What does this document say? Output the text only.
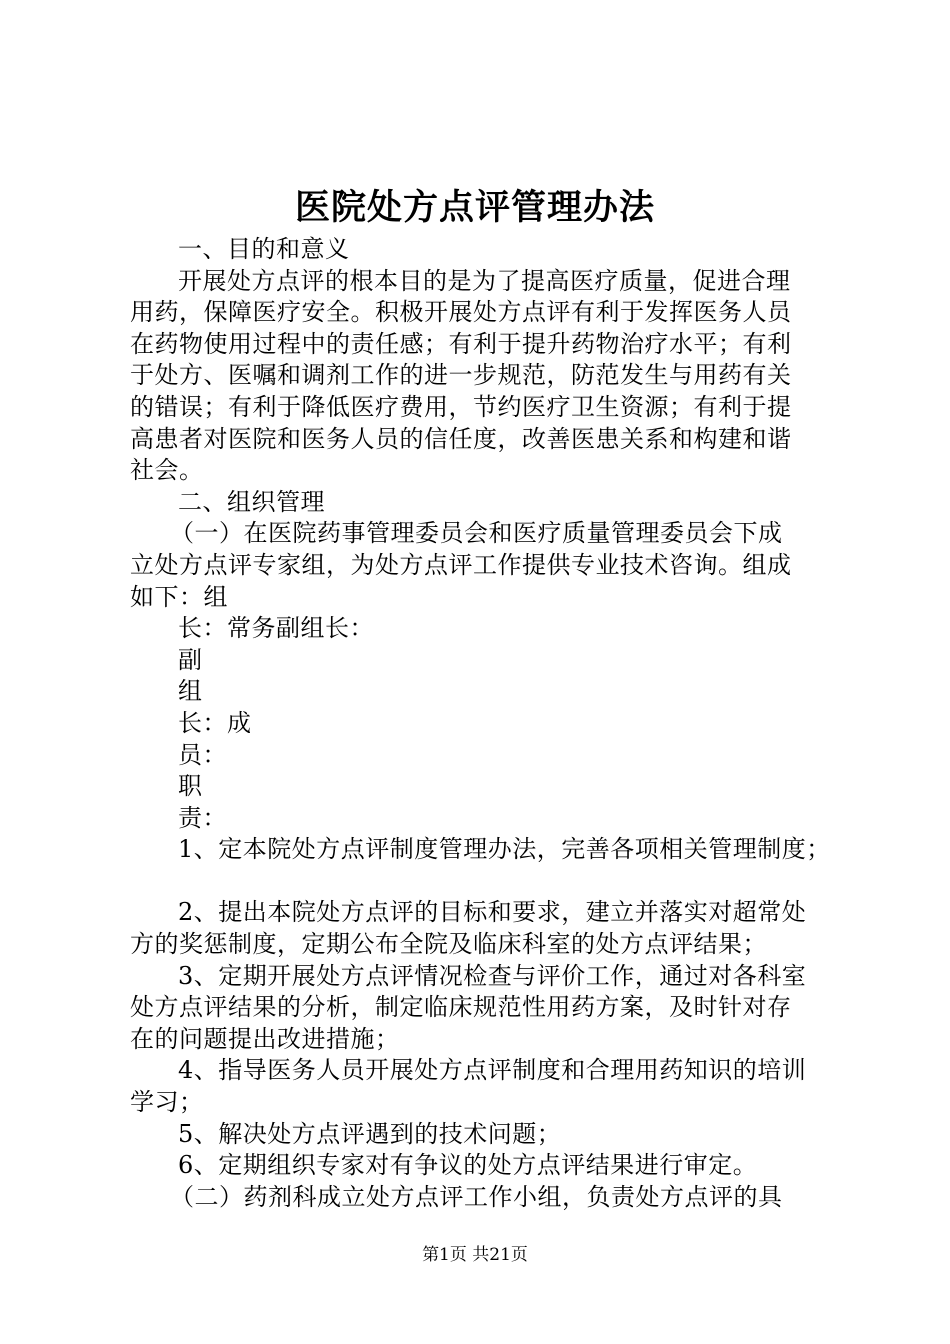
医院处方点评管理办法
一、目的和意义
开展处方点评的根本目的是为了提高医疗质量，促进合理
用药，保障医疗安全。积极开展处方点评有利于发挥医务人员
在药物使用过程中的责任感；有利于提升药物治疗水平；有利
于处方、医嘱和调剂工作的进一步规范，防范发生与用药有关
的错误；有利于降低医疗费用，节约医疗卫生资源；有利于提
高患者对医院和医务人员的信任度，改善医患关系和构建和谐
社会。
二、组织管理
（一）在医院药事管理委员会和医疗质量管理委员会下成
立处方点评专家组，为处方点评工作提供专业技术咨询。组成
如下：组
长：常务副组长：
副
组
长：成
员：
职
责：
1、定本院处方点评制度管理办法，完善各项相关管理制度；
2、提出本院处方点评的目标和要求，建立并落实对超常处
方的奖惩制度，定期公布全院及临床科室的处方点评结果；
3、定期开展处方点评情况检查与评价工作，通过对各科室
处方点评结果的分析，制定临床规范性用药方案，及时针对存
在的问题提出改进措施；
4、指导医务人员开展处方点评制度和合理用药知识的培训
学习；
5、解决处方点评遇到的技术问题；
6、定期组织专家对有争议的处方点评结果进行审定。
（二）药剂科成立处方点评工作小组，负责处方点评的具
第1页 共21页
